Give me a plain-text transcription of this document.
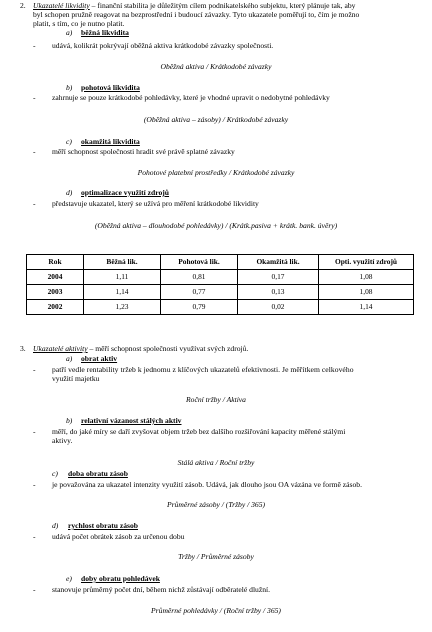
2. Ukazatelé likvidity – finanční stabilita je důležitým cílem podnikatelského subjektu, který plánuje tak, aby
byl schopen pružně reagovat na bezprostřední i budoucí závazky. Tyto ukazatele poměřují to, čím je možno
platit, s tím, co je nutno platit.
a) běžná likvidita
-	udává, kolikrát pokrývají oběžná aktiva krátkodobé závazky společnosti.
Oběžná aktiva / Krátkodobé závazky
b) pohotová likvidita
-	zahrnuje se pouze krátkodobé pohledávky, které je vhodné upravit o nedobytné pohledávky
(Oběžná aktiva – zásoby) / Krátkodobé závazky
c) okamžitá likvidita
-	měří schopnost společnosti hradit své právě splatné závazky
Pohotové platební prostředky / Krátkodobé závazky
d) optimalizace využití zdrojů
-	představuje ukazatel, který se užívá pro měření krátkodobé likvidity
(Oběžná aktiva – dlouhodobé pohledávky) / (Krátk.pasiva + krátk. bank. úvěry)
Rok	Běžná lik.	Pohotová lik.	Okamžitá lik.	Opti. využití zdrojů
2004	1,11	0,81	0,17	1,08
2003	1,14	0,77	0,13	1,08
2002	1,23	0,79	0,02	1,14
3. Ukazatelé aktivity – měří schopnost společnosti využívat svých zdrojů.
a) obrat aktiv
-	patří vedle rentability tržeb k jednomu z klíčových ukazatelů efektivnosti. Je měřítkem celkového
využití majetku
Roční tržby / Aktiva
b) relativní vázanost stálých aktiv
-	měří, do jaké míry se daří zvyšovat objem tržeb bez dalšího rozšiřování kapacity měřené stálými
aktivy.
Stálá aktiva / Roční tržby
c) doba obratu zásob
-	je považována za ukazatel intenzity využití zásob. Udává, jak dlouho jsou OA vázána ve formě zásob.
Průměrné zásoby / (Tržby / 365)
d) rychlost obratu zásob
-	udává počet obrátek zásob za určenou dobu
Tržby / Průměrné zásoby
e) doby obratu pohledávek
-	stanovuje průměrný počet dní, během nichž zůstávají odběratelé dlužní.
Průměrné pohledávky / (Roční tržby / 365)
